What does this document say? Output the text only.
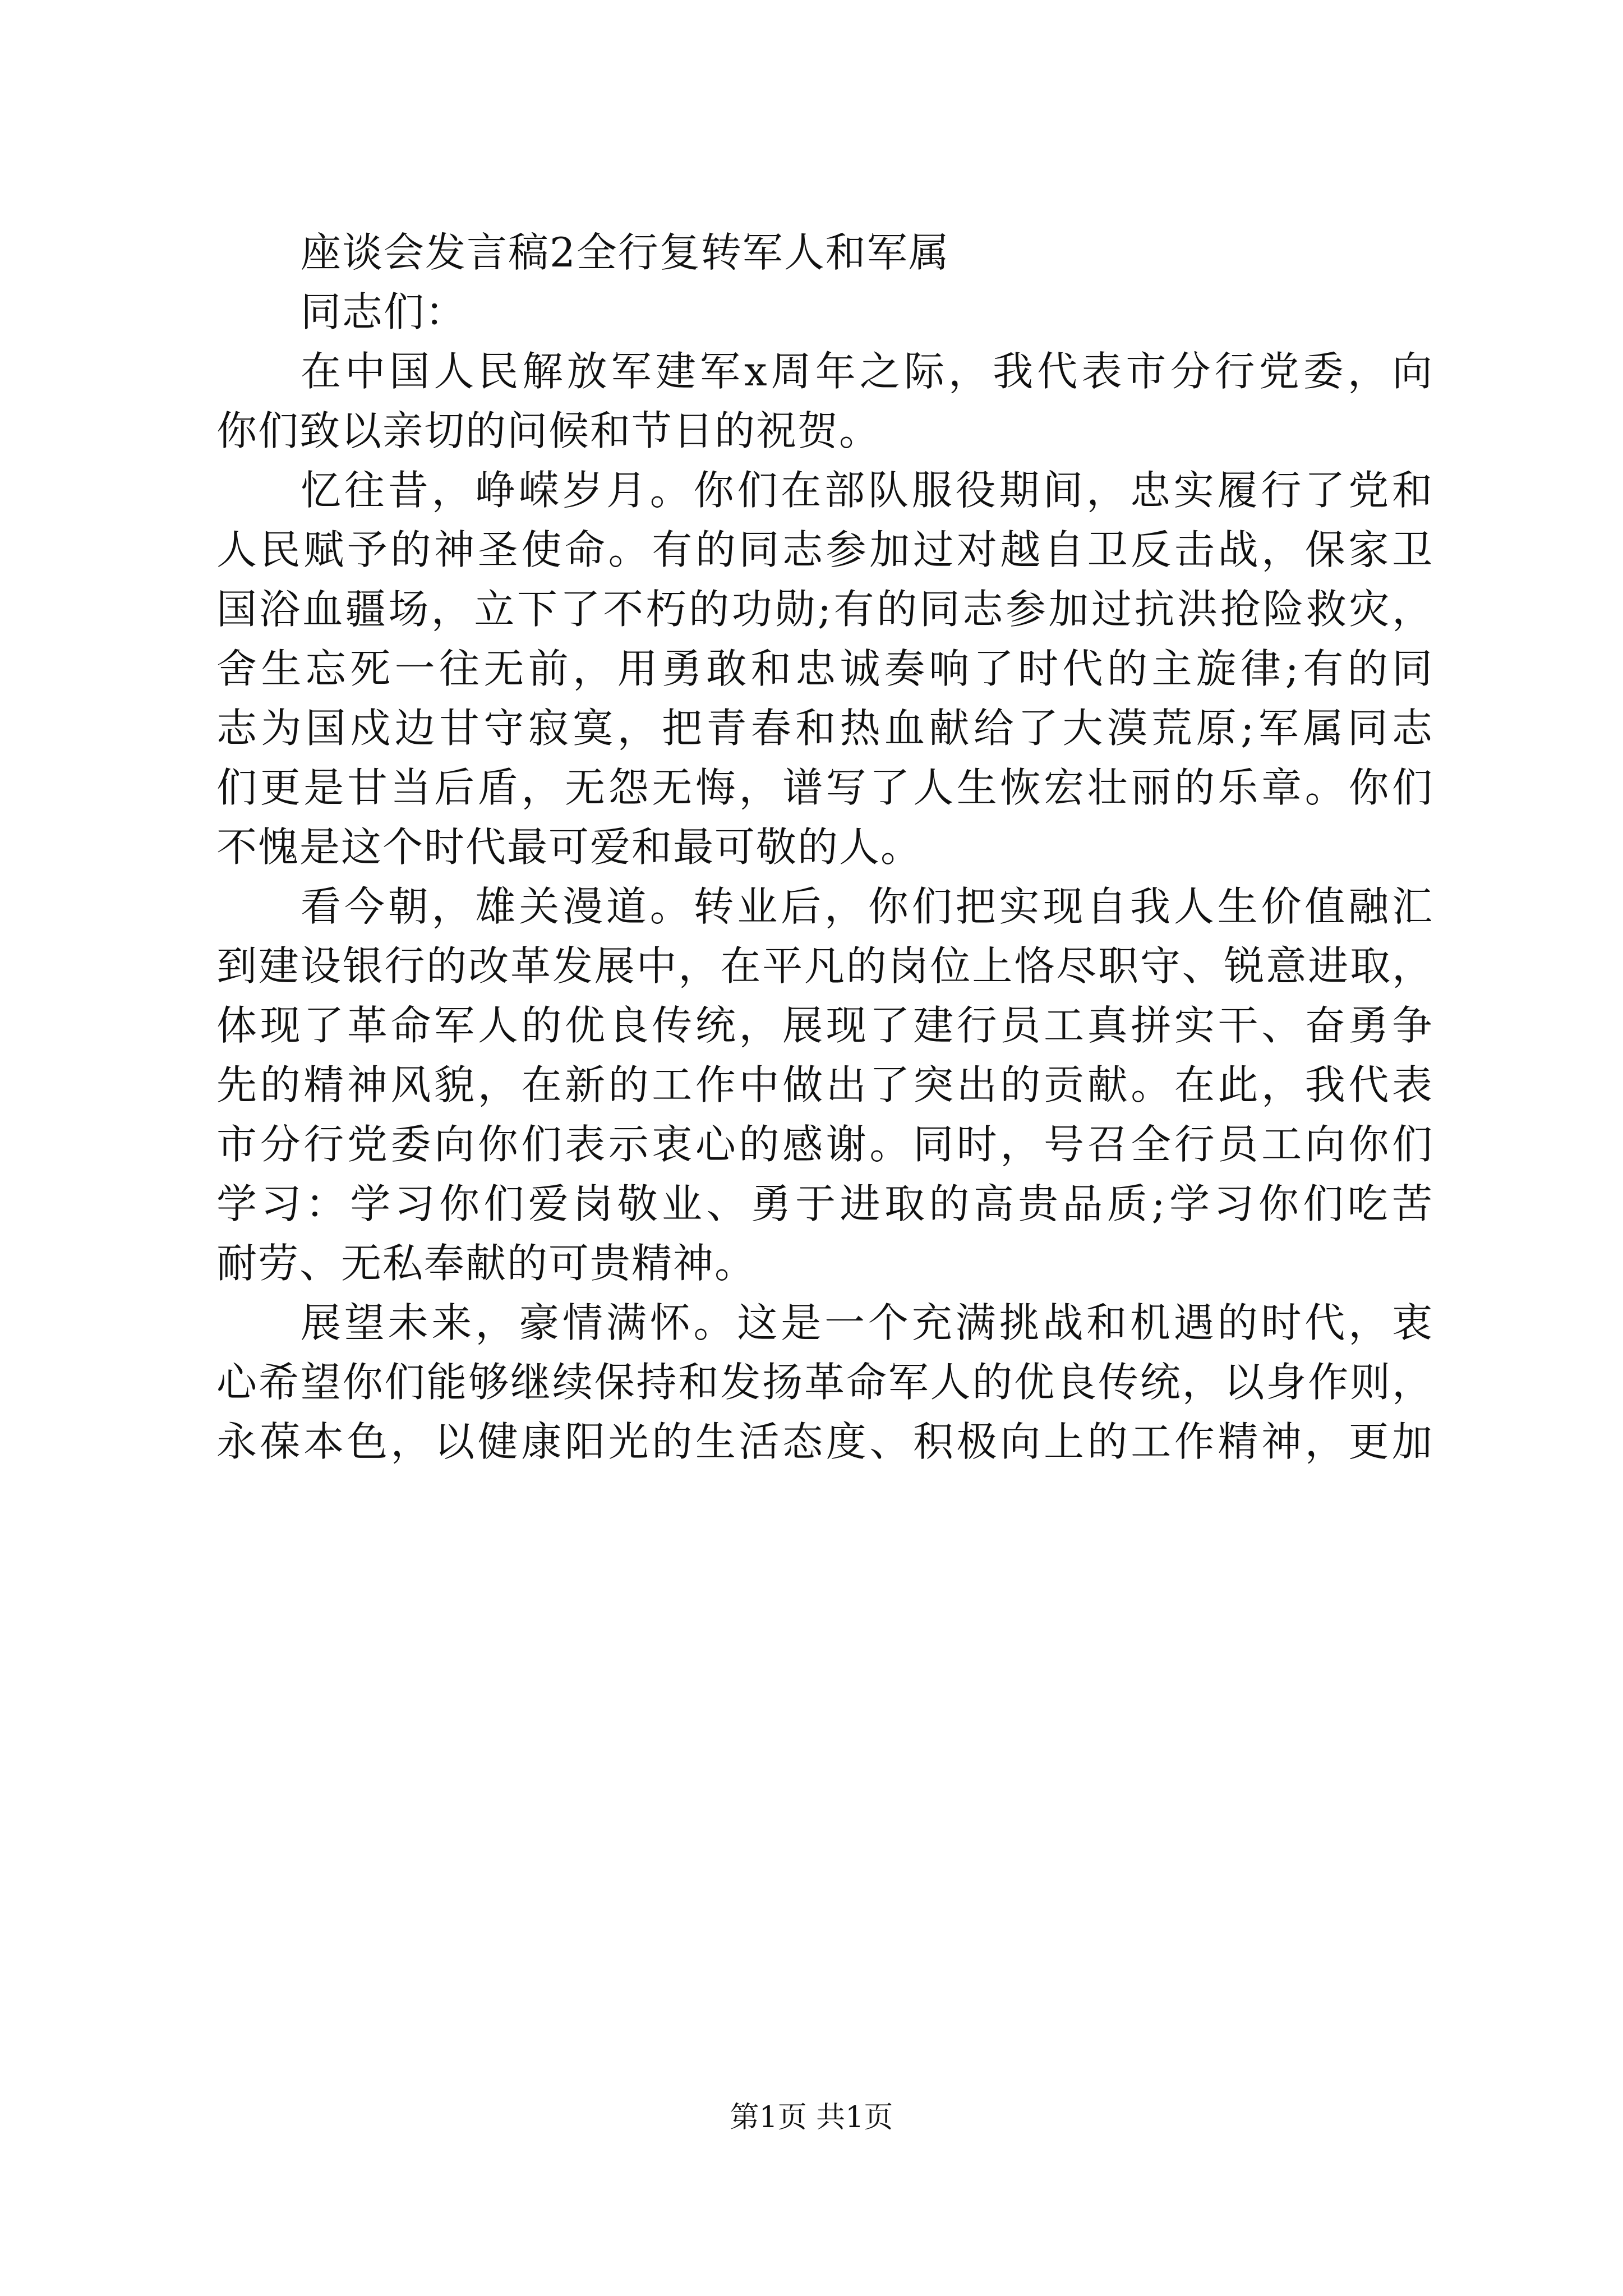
座谈会发言稿2全行复转军人和军属
同志们：
在中国人民解放军建军x周年之际，我代表市分行党委，向
你们致以亲切的问候和节日的祝贺。
忆往昔，峥嵘岁月。你们在部队服役期间，忠实履行了党和
人民赋予的神圣使命。有的同志参加过对越自卫反击战，保家卫
国浴血疆场，立下了不朽的功勋;有的同志参加过抗洪抢险救灾，
舍生忘死一往无前，用勇敢和忠诚奏响了时代的主旋律;有的同
志为国戍边甘守寂寞，把青春和热血献给了大漠荒原;军属同志
们更是甘当后盾，无怨无悔，谱写了人生恢宏壮丽的乐章。你们
不愧是这个时代最可爱和最可敬的人。
看今朝，雄关漫道。转业后，你们把实现自我人生价值融汇
到建设银行的改革发展中，在平凡的岗位上恪尽职守、锐意进取，
体现了革命军人的优良传统，展现了建行员工真拼实干、奋勇争
先的精神风貌，在新的工作中做出了突出的贡献。在此，我代表
市分行党委向你们表示衷心的感谢。同时，号召全行员工向你们
学习：学习你们爱岗敬业、勇于进取的高贵品质;学习你们吃苦
耐劳、无私奉献的可贵精神。
展望未来，豪情满怀。这是一个充满挑战和机遇的时代，衷
心希望你们能够继续保持和发扬革命军人的优良传统，以身作则，
永葆本色，以健康阳光的生活态度、积极向上的工作精神，更加
第1页 共1页
